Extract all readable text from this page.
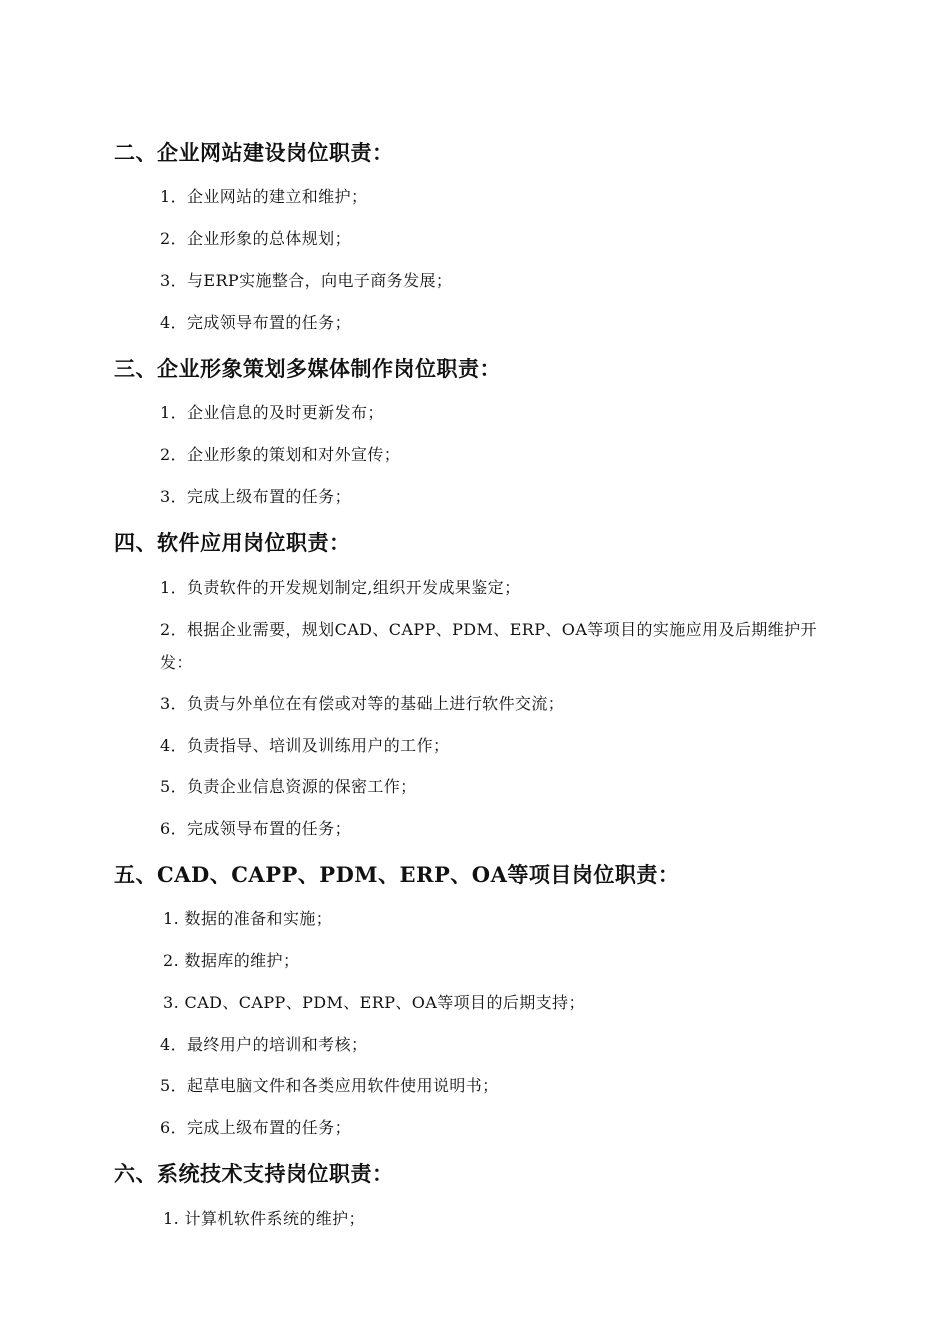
二、企业网站建设岗位职责：
1．企业网站的建立和维护；
2．企业形象的总体规划；
3．与ERP实施整合，向电子商务发展；
4．完成领导布置的任务；
三、企业形象策划多媒体制作岗位职责：
1．企业信息的及时更新发布；
2．企业形象的策划和对外宣传；
3．完成上级布置的任务；
四、软件应用岗位职责：
1．负责软件的开发规划制定,组织开发成果鉴定；
2．根据企业需要，规划CAD、CAPP、PDM、ERP、OA等项目的实施应用及后期维护开发：
3．负责与外单位在有偿或对等的基础上进行软件交流；
4．负责指导、培训及训练用户的工作；
5．负责企业信息资源的保密工作；
6．完成领导布置的任务；
五、CAD、CAPP、PDM、ERP、OA等项目岗位职责：
1. 数据的准备和实施；
2. 数据库的维护；
3. CAD、CAPP、PDM、ERP、OA等项目的后期支持；
4．最终用户的培训和考核；
5．起草电脑文件和各类应用软件使用说明书；
6．完成上级布置的任务；
六、系统技术支持岗位职责：
1. 计算机软件系统的维护；
